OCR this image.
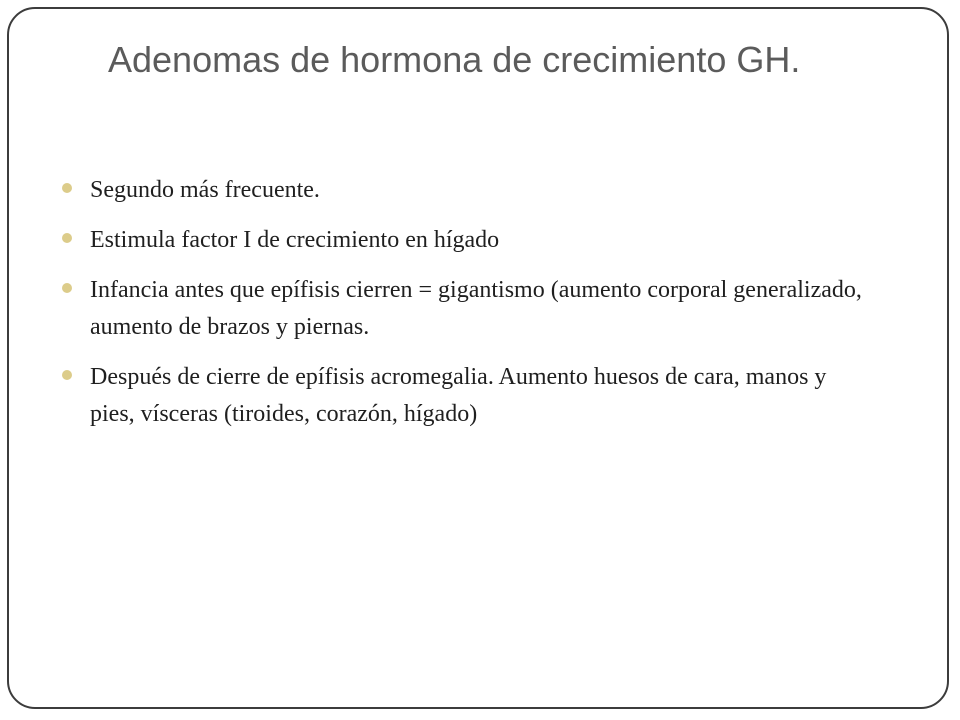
Adenomas de hormona de crecimiento GH.
Segundo más frecuente.
Estimula factor I de crecimiento en hígado
Infancia antes que epífisis cierren = gigantismo (aumento corporal generalizado, aumento de brazos y piernas.
Después de cierre de epífisis acromegalia. Aumento huesos de cara, manos y pies, vísceras (tiroides, corazón, hígado)
